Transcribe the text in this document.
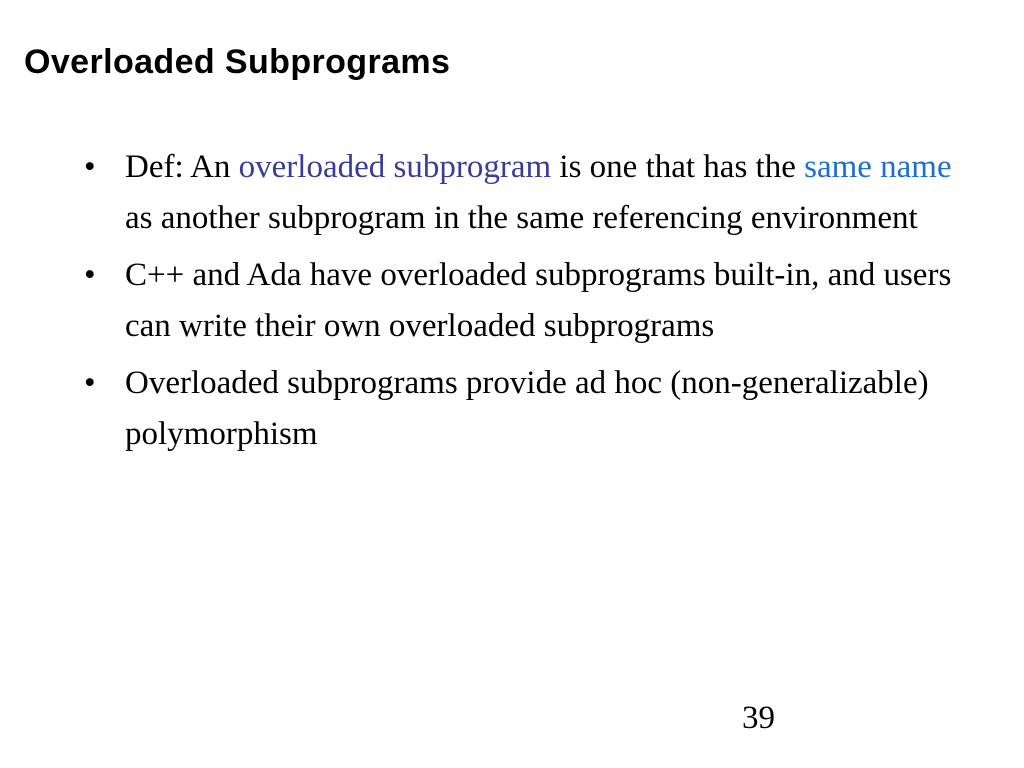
Overloaded Subprograms
• Def: An overloaded subprogram is one that has the same name as another subprogram in the same referencing environment
• C++ and Ada have overloaded subprograms built-in, and users can write their own overloaded subprograms
• Overloaded subprograms provide ad hoc (non-generalizable) polymorphism
39
